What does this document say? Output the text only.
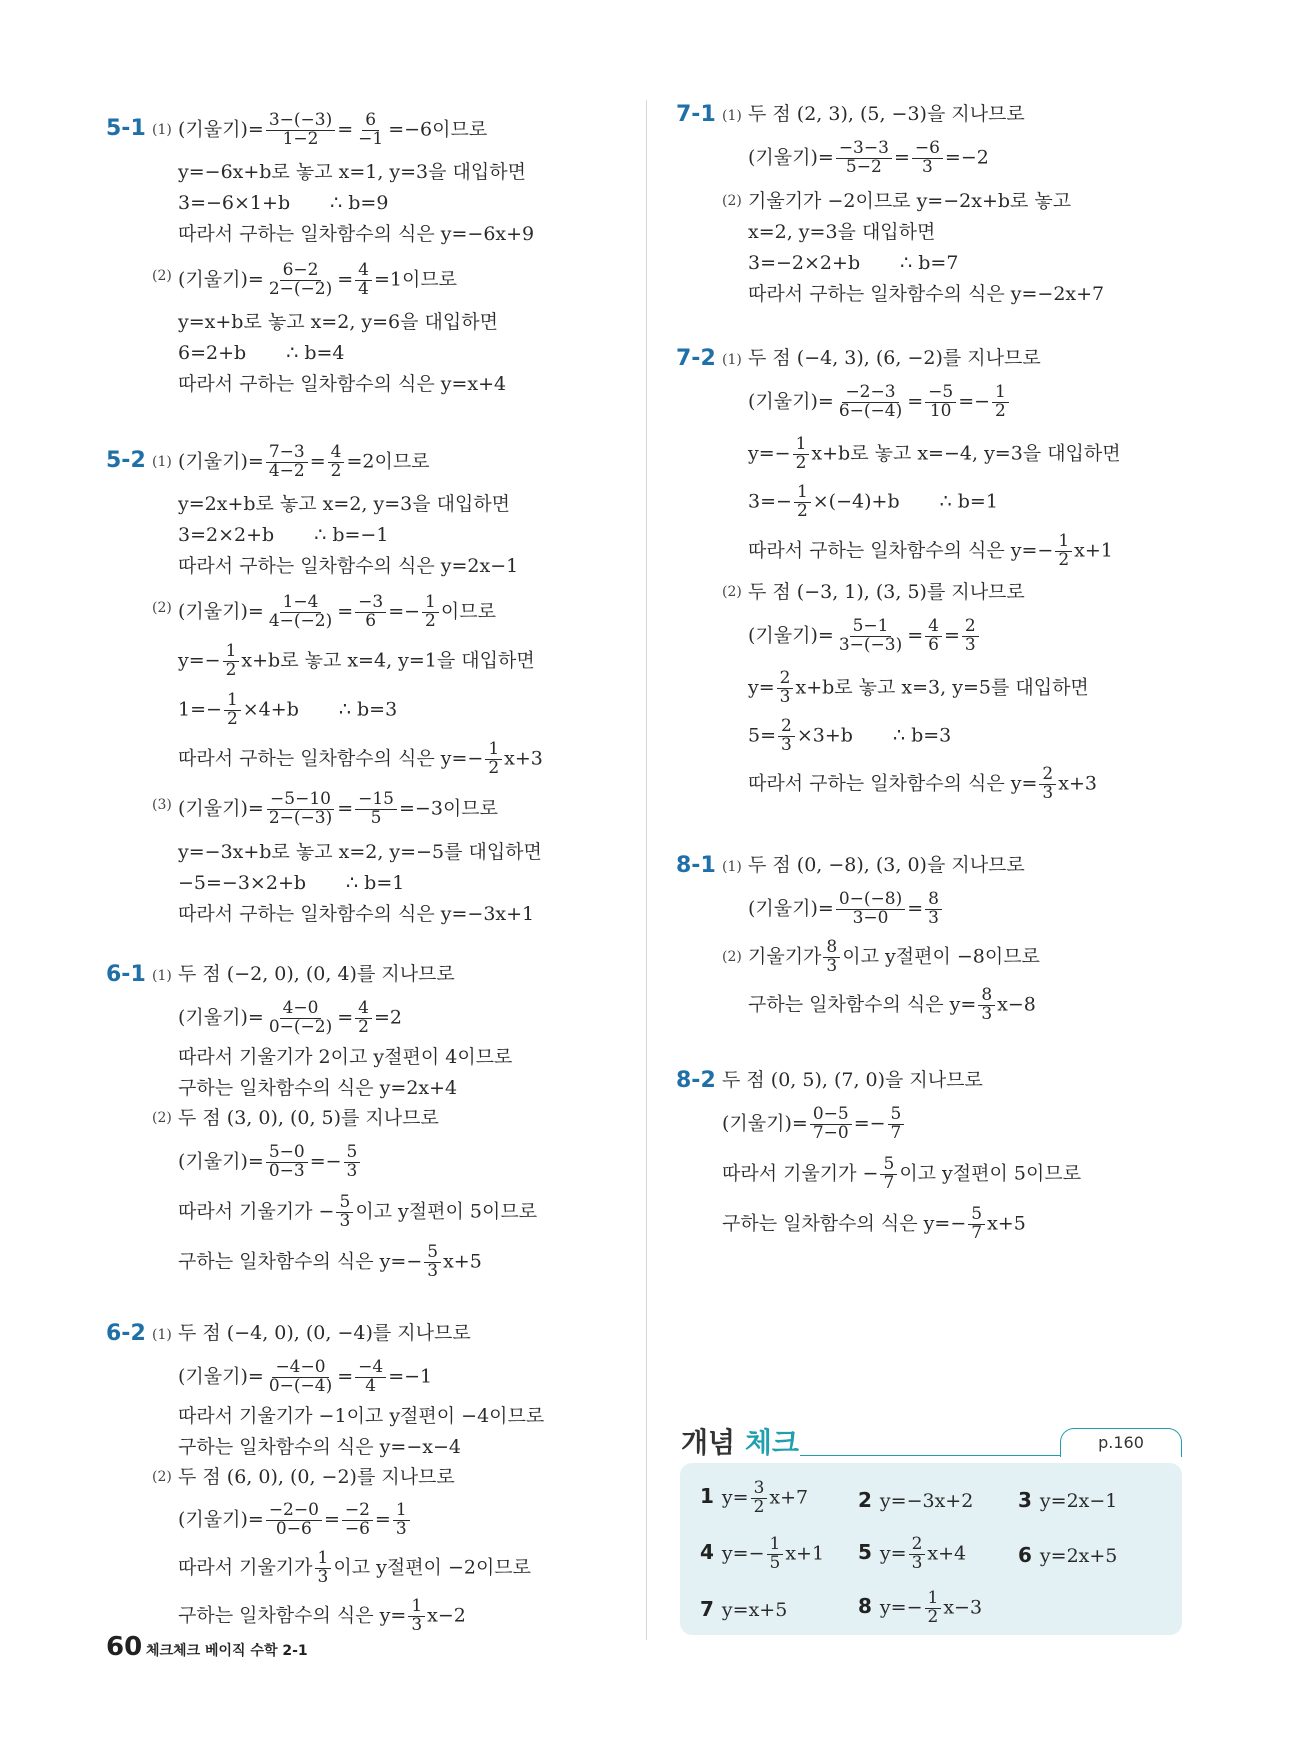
5-1 (1) (기울기)= $\frac{3-(-3)}{1-2} = \frac{6}{-1} =-6$이므로
y=−6x+b로 놓고 x=1, y=3을 대입하면
3=−6×1+b ∴ b=9
따라서 구하는 일차함수의 식은 y=−6x+9
(2) (기울기)= $\frac{6-2}{2-(-2)} = \frac{4}{4} =1$이므로
y=x+b로 놓고 x=2, y=6을 대입하면
6=2+b ∴ b=4
따라서 구하는 일차함수의 식은 y=x+4
5-2 (1) (기울기)= $\frac{7-3}{4-2} = \frac{4}{2} =2$이므로
y=2x+b로 놓고 x=2, y=3을 대입하면
3=2×2+b ∴ b=−1
따라서 구하는 일차함수의 식은 y=2x−1
(2) (기울기)= $\frac{1-4}{4-(-2)} = \frac{-3}{6} =- \frac{1}{2}$ 이므로
$y=- \frac{1}{2} x+b$로 놓고 x=4, y=1을 대입하면
$1=- \frac{1}{2} \times 4+b$ ∴ b=3
따라서 구하는 일차함수의 식은 $y=- \frac{1}{2} x+3$
(3) (기울기)= $\frac{-5-10}{2-(-3)} = \frac{-15}{5} =-3$이므로
y=−3x+b로 놓고 x=2, y=−5를 대입하면
−5=−3×2+b ∴ b=1
따라서 구하는 일차함수의 식은 y=−3x+1
6-1 (1) 두 점 (−2, 0), (0, 4)를 지나므로
(기울기)= $\frac{4-0}{0-(-2)} = \frac{4}{2} =2$
따라서 기울기가 2이고 y절편이 4이므로
구하는 일차함수의 식은 y=2x+4
(2) 두 점 (3, 0), (0, 5)를 지나므로
(기울기)= $\frac{5-0}{0-3} =- \frac{5}{3}$
따라서 기울기가 − $\frac{5}{3}$ 이고 y절편이 5이므로
구하는 일차함수의 식은 $y=- \frac{5}{3} x+5$
6-2 (1) 두 점 (−4, 0), (0, −4)를 지나므로
(기울기)= $\frac{-4-0}{0-(-4)} = \frac{-4}{4} =-1$
따라서 기울기가 −1이고 y절편이 −4이므로
구하는 일차함수의 식은 y=−x−4
(2) 두 점 (6, 0), (0, −2)를 지나므로
(기울기)= $\frac{-2-0}{0-6} = \frac{-2}{-6} = \frac{1}{3}$
따라서 기울기가 $\frac{1}{3}$ 이고 y절편이 −2이므로
구하는 일차함수의 식은 $y= \frac{1}{3} x-2$
7-1 (1) 두 점 (2, 3), (5, −3)을 지나므로
(기울기)= $\frac{-3-3}{5-2} = \frac{-6}{3} =-2$
(2) 기울기가 −2이므로 y=−2x+b로 놓고
x=2, y=3을 대입하면
3=−2×2+b ∴ b=7
따라서 구하는 일차함수의 식은 y=−2x+7
7-2 (1) 두 점 (−4, 3), (6, −2)를 지나므로
(기울기)= $\frac{-2-3}{6-(-4)} = \frac{-5}{10} =- \frac{1}{2}$
$y=- \frac{1}{2} x+b$로 놓고 x=−4, y=3을 대입하면
$3=- \frac{1}{2} \times(-4)+b$ ∴ b=1
따라서 구하는 일차함수의 식은 $y=- \frac{1}{2} x+1$
(2) 두 점 (−3, 1), (3, 5)를 지나므로
(기울기)= $\frac{5-1}{3-(-3)} = \frac{4}{6} = \frac{2}{3}$
$y= \frac{2}{3} x+b$로 놓고 x=3, y=5를 대입하면
$5= \frac{2}{3} \times 3+b$ ∴ b=3
따라서 구하는 일차함수의 식은 $y= \frac{2}{3} x+3$
8-1 (1) 두 점 (0, −8), (3, 0)을 지나므로
(기울기)= $\frac{0-(-8)}{3-0} = \frac{8}{3}$
(2) 기울기가 $\frac{8}{3}$ 이고 y절편이 −8이므로
구하는 일차함수의 식은 $y= \frac{8}{3} x-8$
8-2 두 점 (0, 5), (7, 0)을 지나므로
(기울기)= $\frac{0-5}{7-0} =- \frac{5}{7}$
따라서 기울기가 − $\frac{5}{7}$ 이고 y절편이 5이므로
구하는 일차함수의 식은 $y=- \frac{5}{7} x+5$
개념 체크	p.160
1 $y= \frac{3}{2} x+7$ 2 y=−3x+2 3 y=2x−1
4 $y=- \frac{1}{5} x+1$ 5 $y= \frac{2}{3} x+4$	6 y=2x+5
7 y=x+5	8 $y=- \frac{1}{2} x-3$
60 체크체크 베이직 수학 2-1
